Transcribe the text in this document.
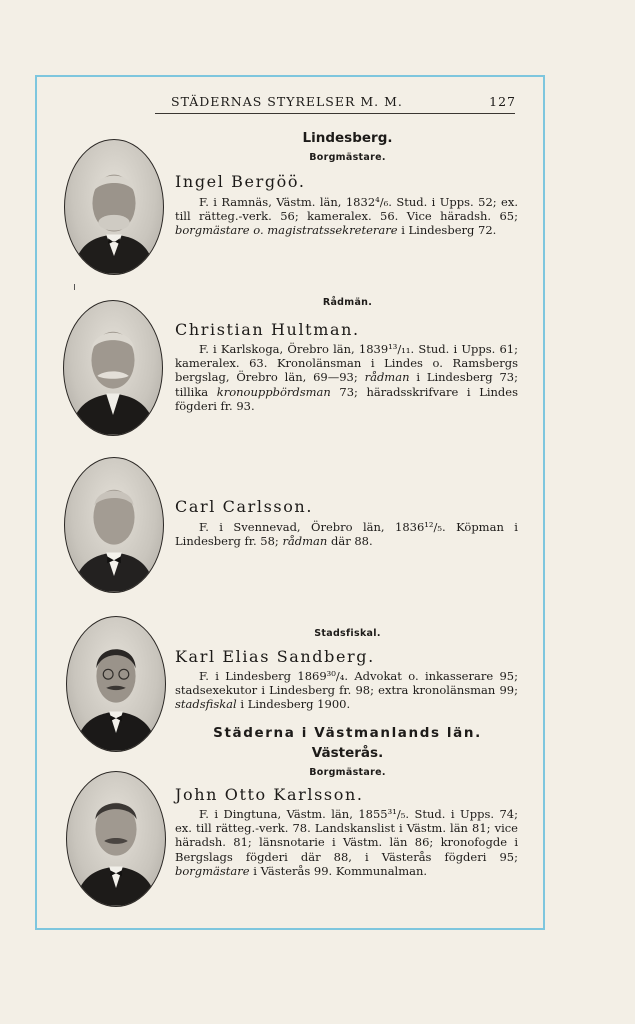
STÄDERNAS STYRELSER M. M.	127
Lindesberg.
Borgmästare.
Ingel Bergöö.
F. i Ramnäs, Västm. län, 1832⁴/₆. Stud. i Upps. 52; ex. till rätteg.-verk. 56; kameralex. 56. Vice häradsh. 65; borgmästare o. magistratssekreterare i Lindesberg 72.
Rådmän.
Christian Hultman.
F. i Karlskoga, Örebro län, 1839¹³/₁₁. Stud. i Upps. 61; kameralex. 63. Kronolänsman i Lindes o. Ramsbergs bergslag, Örebro län, 69—93; rådman i Lindesberg 73; tillika kronouppbördsman 73; häradsskrifvare i Lindes fögderi fr. 93.
Carl Carlsson.
F. i Svennevad, Örebro län, 1836¹²/₅. Köpman i Lindesberg fr. 58; rådman där 88.
Stadsfiskal.
Karl Elias Sandberg.
F. i Lindesberg 1869³⁰/₄. Advokat o. inkasserare 95; stadsexekutor i Lindesberg fr. 98; extra kronolänsman 99; stadsfiskal i Lindesberg 1900.
Städerna i Västmanlands län.
Västerås.
Borgmästare.
John Otto Karlsson.
F. i Dingtuna, Västm. län, 1855³¹/₅. Stud. i Upps. 74; ex. till rätteg.-verk. 78. Landskanslist i Västm. län 81; vice häradsh. 81; länsnotarie i Västm. län 86; kronofogde i Bergslags fögderi där 88, i Västerås fögderi 95; borgmästare i Västerås 99. Kommunalman.
